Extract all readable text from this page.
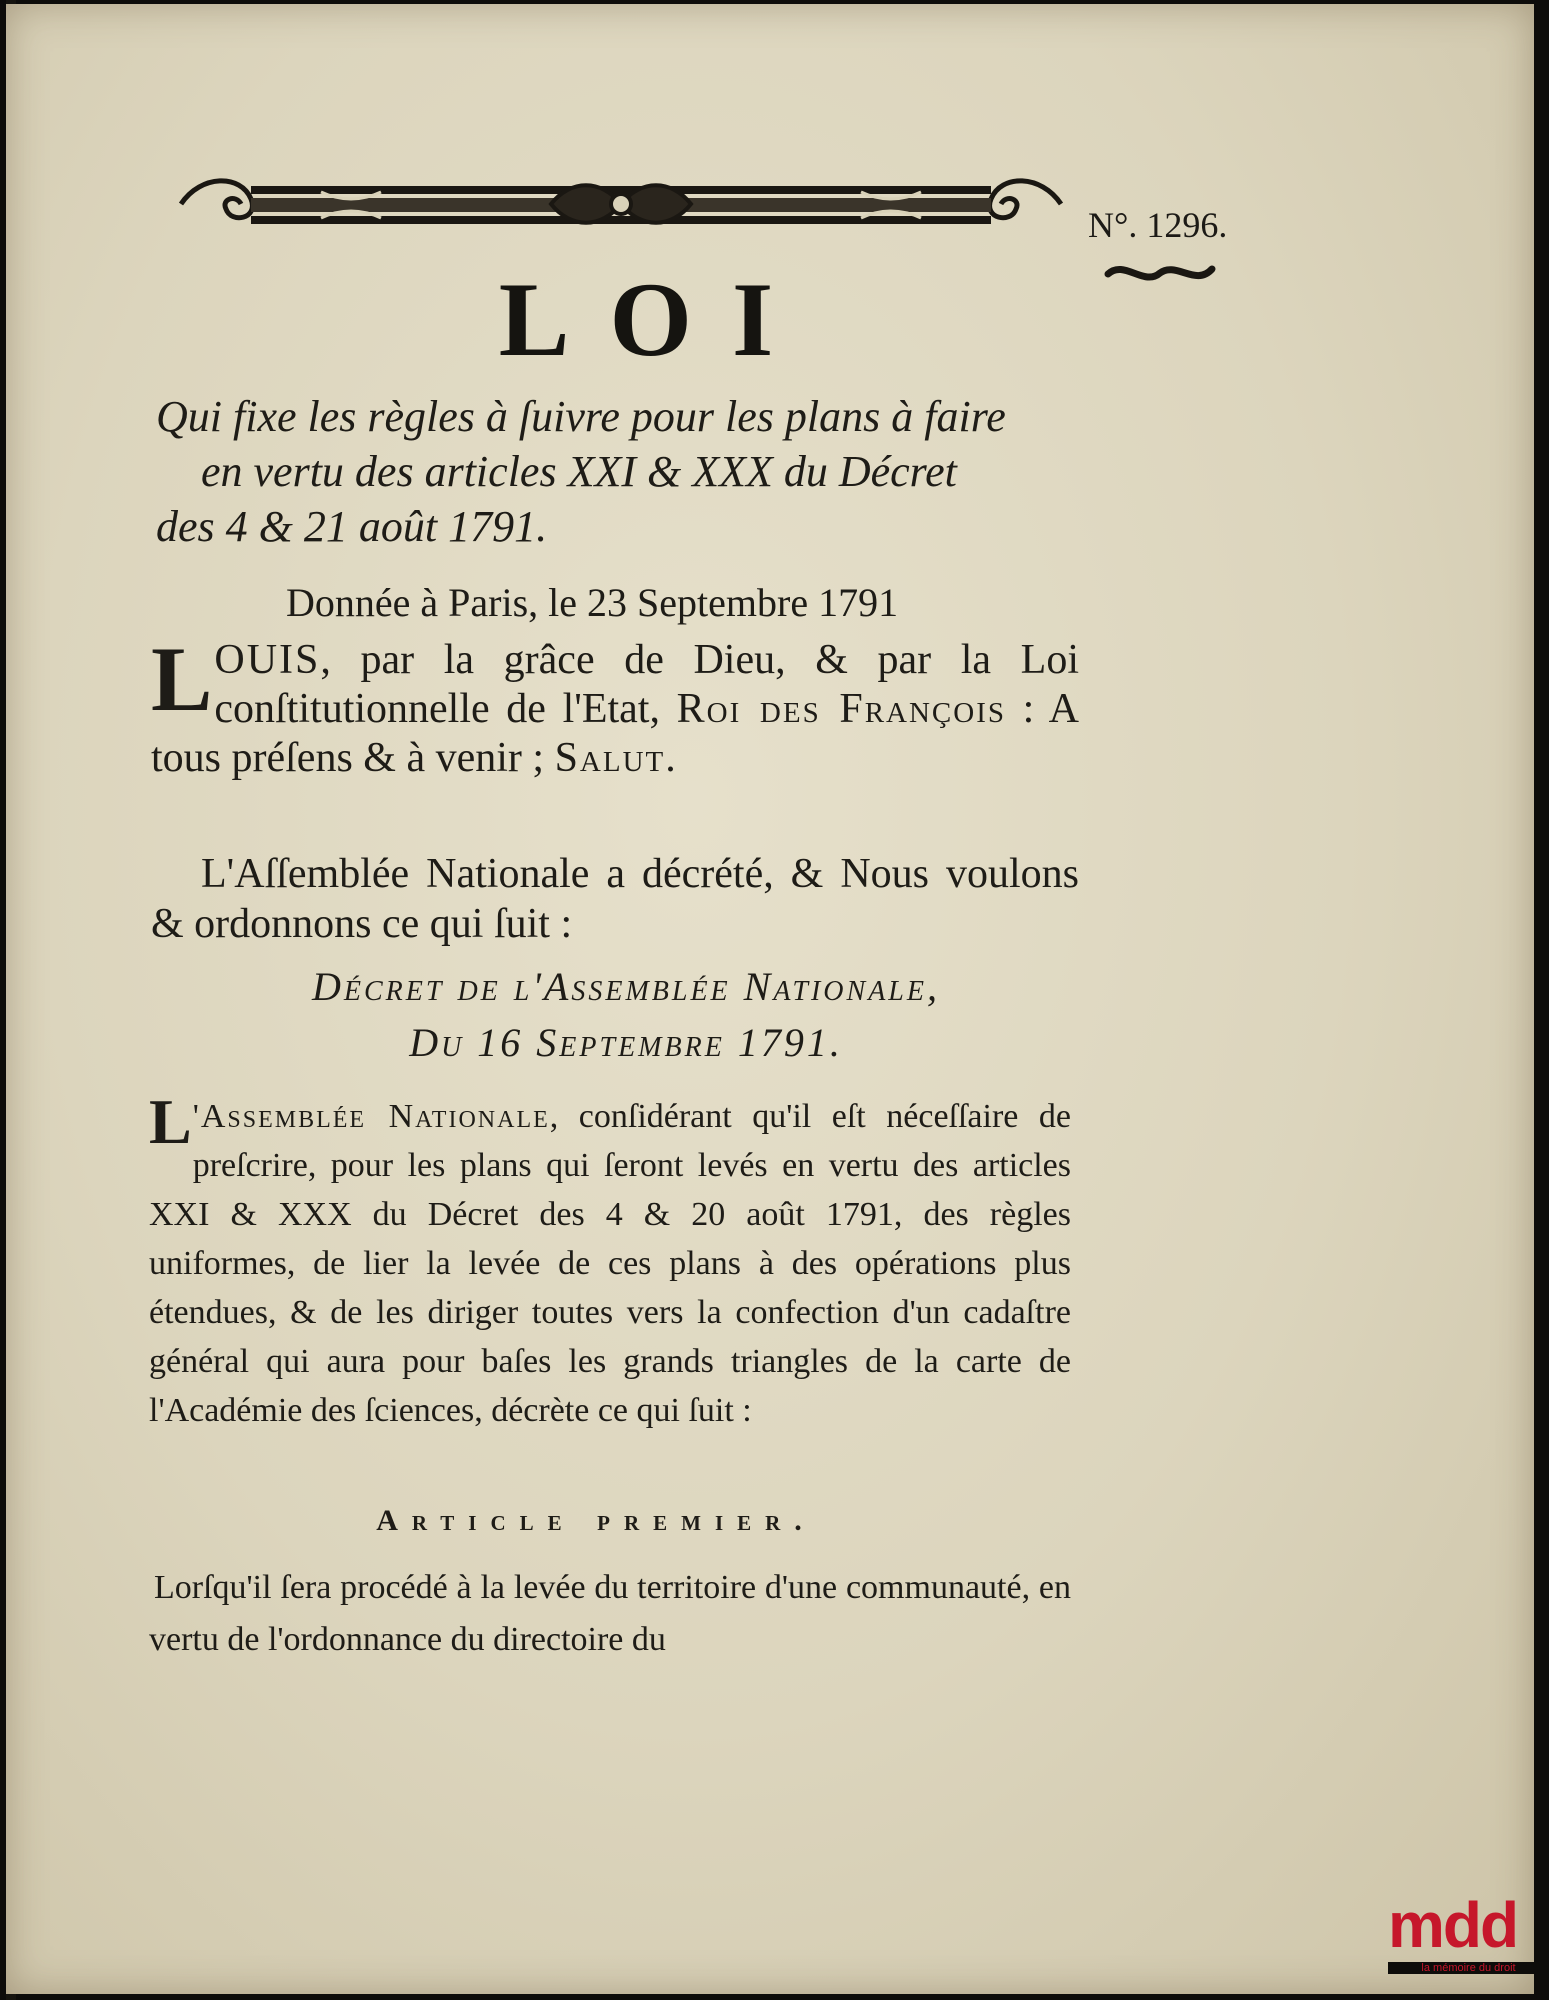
N°. 1296.
LOI
Qui fixe les règles à ſuivre pour les plans à faire
en vertu des articles XXI & XXX du Décret
des 4 & 21 août 1791.
Donnée à Paris, le 23 Septembre 1791
LOUIS, par la grâce de Dieu, & par la Loi conſtitutionnelle de l'Etat, Roi des François : A tous préſens & à venir ; Salut.
L'Aſſemblée Nationale a décrété, & Nous voulons & ordonnons ce qui ſuit :
Décret de l'Assemblée Nationale,
Du 16 Septembre 1791.
L 'Assemblée Nationale, conſidérant qu'il eſt néceſſaire de preſcrire, pour les plans qui ſeront levés en vertu des articles XXI & XXX du Décret des 4 & 20 août 1791, des règles uniformes, de lier la levée de ces plans à des opérations plus étendues, & de les diriger toutes vers la confection d'un cadaſtre général qui aura pour baſes les grands triangles de la carte de l'Académie des ſciences, décrète ce qui ſuit :
Article premier.
Lorſqu'il ſera procédé à la levée du territoire d'une communauté, en vertu de l'ordonnance du directoire du
mdd
la mémoire du droit
